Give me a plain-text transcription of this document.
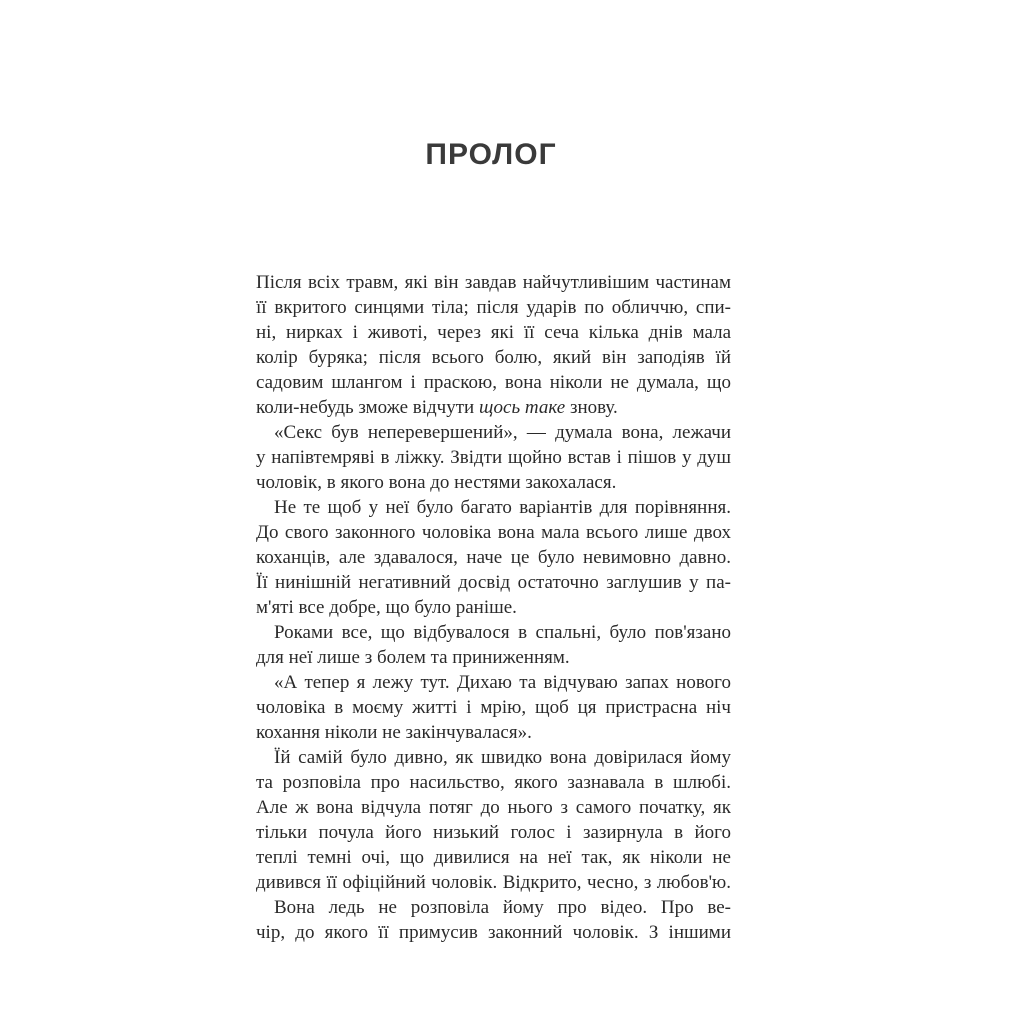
ПРОЛОГ
Після всіх травм, які він завдав найчутливішим частинам
її вкритого синцями тіла; після ударів по обличчю, спи-
ні, нирках і животі, через які її сеча кілька днів мала
колір буряка; після всього болю, який він заподіяв їй
садовим шлангом і праскою, вона ніколи не думала, що
коли-небудь зможе відчути щось таке знову.
«Секс був неперевершений», — думала вона, лежачи
у напівтемряві в ліжку. Звідти щойно встав і пішов у душ
чоловік, в якого вона до нестями закохалася.
Не те щоб у неї було багато варіантів для порівняння.
До свого законного чоловіка вона мала всього лише двох
коханців, але здавалося, наче це було невимовно давно.
Її нинішній негативний досвід остаточно заглушив у па-
м'яті все добре, що було раніше.
Роками все, що відбувалося в спальні, було пов'язано
для неї лише з болем та приниженням.
«А тепер я лежу тут. Дихаю та відчуваю запах нового
чоловіка в моєму житті і мрію, щоб ця пристрасна ніч
кохання ніколи не закінчувалася».
Їй самій було дивно, як швидко вона довірилася йому
та розповіла про насильство, якого зазнавала в шлюбі.
Але ж вона відчула потяг до нього з самого початку, як
тільки почула його низький голос і зазирнула в його
теплі темні очі, що дивилися на неї так, як ніколи не
дивився її офіційний чоловік. Відкрито, чесно, з любов'ю.
Вона ледь не розповіла йому про відео. Про ве-
чір, до якого її примусив законний чоловік. З іншими
